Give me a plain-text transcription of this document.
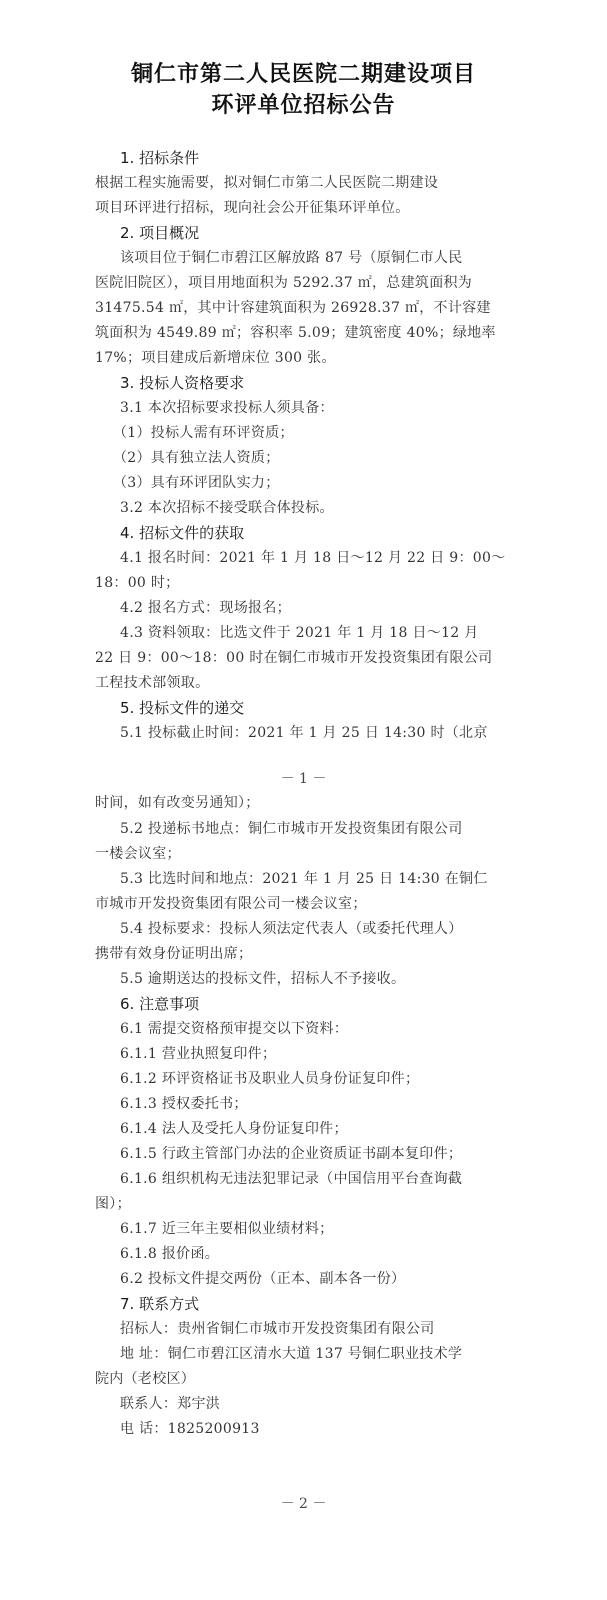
铜仁市第二人民医院二期建设项目
环评单位招标公告
1. 招标条件
根据工程实施需要，拟对铜仁市第二人民医院二期建设
项目环评进行招标，现向社会公开征集环评单位。
2. 项目概况
该项目位于铜仁市碧江区解放路 87 号（原铜仁市人民
医院旧院区），项目用地面积为 5292.37 ㎡，总建筑面积为
31475.54 ㎡，其中计容建筑面积为 26928.37 ㎡，不计容建
筑面积为 4549.89 ㎡；容积率 5.09；建筑密度 40%；绿地率
17%；项目建成后新增床位 300 张。
3. 投标人资格要求
3.1 本次招标要求投标人须具备：
（1）投标人需有环评资质；
（2）具有独立法人资质；
（3）具有环评团队实力；
3.2 本次招标不接受联合体投标。
4. 招标文件的获取
4.1 报名时间：2021 年 1 月 18 日～12 月 22 日 9：00～
18：00 时；
4.2 报名方式：现场报名；
4.3 资料领取：比选文件于 2021 年 1 月 18 日～12 月
22 日 9：00～18：00 时在铜仁市城市开发投资集团有限公司
工程技术部领取。
5. 投标文件的递交
5.1 投标截止时间：2021 年 1 月 25 日 14:30 时（北京
－ 1 －
时间，如有改变另通知）；
5.2 投递标书地点：铜仁市城市开发投资集团有限公司
一楼会议室；
5.3 比选时间和地点：2021 年 1 月 25 日 14:30 在铜仁
市城市开发投资集团有限公司一楼会议室；
5.4 投标要求：投标人须法定代表人（或委托代理人）
携带有效身份证明出席；
5.5 逾期送达的投标文件，招标人不予接收。
6. 注意事项
6.1 需提交资格预审提交以下资料：
6.1.1 营业执照复印件；
6.1.2 环评资格证书及职业人员身份证复印件；
6.1.3 授权委托书；
6.1.4 法人及受托人身份证复印件；
6.1.5 行政主管部门办法的企业资质证书副本复印件；
6.1.6 组织机构无违法犯罪记录（中国信用平台查询截
图）；
6.1.7 近三年主要相似业绩材料；
6.1.8 报价函。
6.2 投标文件提交两份（正本、副本各一份）
7. 联系方式
招标人：贵州省铜仁市城市开发投资集团有限公司
地 址：铜仁市碧江区清水大道 137 号铜仁职业技术学
院内（老校区）
联系人：郑宇洪
电 话：1825200913
－ 2 －
